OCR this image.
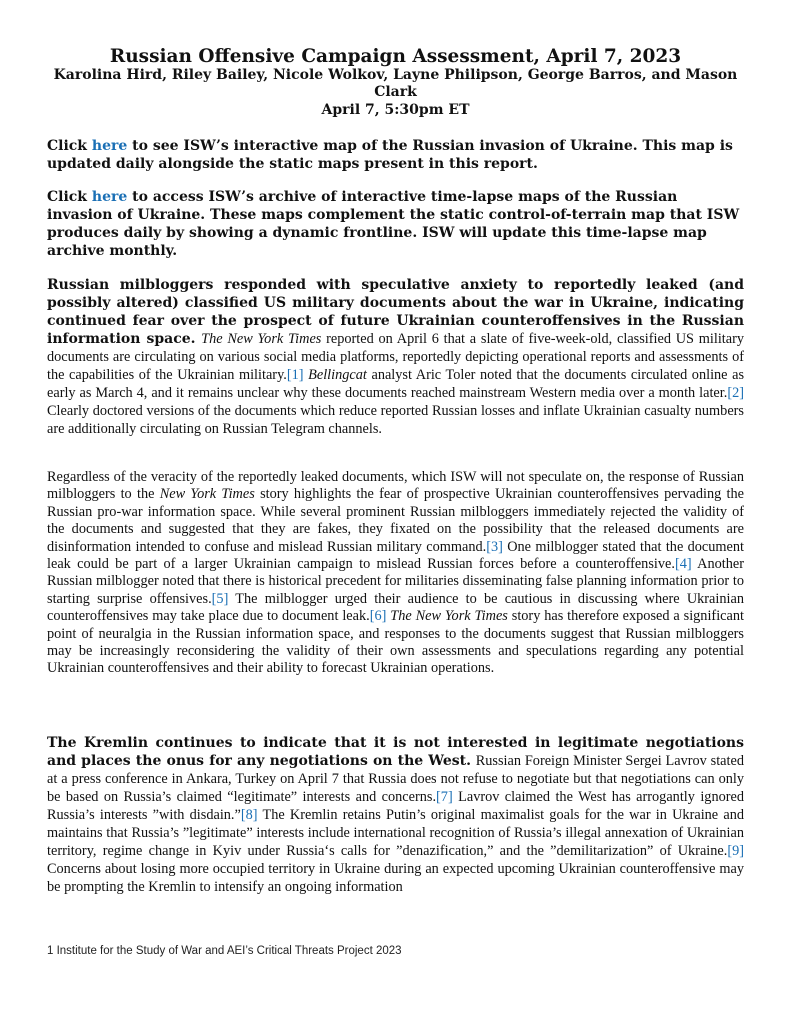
Russian Offensive Campaign Assessment, April 7, 2023
Karolina Hird, Riley Bailey, Nicole Wolkov, Layne Philipson, George Barros, and Mason Clark
April 7, 5:30pm ET

Click here to see ISW’s interactive map of the Russian invasion of Ukraine. This map is updated daily alongside the static maps present in this report.

Click here to access ISW’s archive of interactive time-lapse maps of the Russian invasion of Ukraine. These maps complement the static control-of-terrain map that ISW produces daily by showing a dynamic frontline. ISW will update this time-lapse map archive monthly.

Russian milbloggers responded with speculative anxiety to reportedly leaked (and possibly altered) classified US military documents about the war in Ukraine, indicating continued fear over the prospect of future Ukrainian counteroffensives in the Russian information space. The New York Times reported on April 6 that a slate of five-week-old, classified US military documents are circulating on various social media platforms, reportedly depicting operational reports and assessments of the capabilities of the Ukrainian military.[1] Bellingcat analyst Aric Toler noted that the documents circulated online as early as March 4, and it remains unclear why these documents reached mainstream Western media over a month later.[2] Clearly doctored versions of the documents which reduce reported Russian losses and inflate Ukrainian casualty numbers are additionally circulating on Russian Telegram channels.

Regardless of the veracity of the reportedly leaked documents, which ISW will not speculate on, the response of Russian milbloggers to the New York Times story highlights the fear of prospective Ukrainian counteroffensives pervading the Russian pro-war information space. While several prominent Russian milbloggers immediately rejected the validity of the documents and suggested that they are fakes, they fixated on the possibility that the released documents are disinformation intended to confuse and mislead Russian military command.[3] One milblogger stated that the document leak could be part of a larger Ukrainian campaign to mislead Russian forces before a counteroffensive.[4] Another Russian milblogger noted that there is historical precedent for militaries disseminating false planning information prior to starting surprise offensives.[5] The milblogger urged their audience to be cautious in discussing where Ukrainian counteroffensives may take place due to document leak.[6] The New York Times story has therefore exposed a significant point of neuralgia in the Russian information space, and responses to the documents suggest that Russian milbloggers may be increasingly reconsidering the validity of their own assessments and speculations regarding any potential Ukrainian counteroffensives and their ability to forecast Ukrainian operations.

The Kremlin continues to indicate that it is not interested in legitimate negotiations and places the onus for any negotiations on the West. Russian Foreign Minister Sergei Lavrov stated at a press conference in Ankara, Turkey on April 7 that Russia does not refuse to negotiate but that negotiations can only be based on Russia’s claimed “legitimate” interests and concerns.[7] Lavrov claimed the West has arrogantly ignored Russia’s interests ”with disdain.”[8] The Kremlin retains Putin’s original maximalist goals for the war in Ukraine and maintains that Russia’s ”legitimate” interests include international recognition of Russia’s illegal annexation of Ukrainian territory, regime change in Kyiv under Russia‘s calls for ”denazification,” and the ”demilitarization” of Ukraine.[9] Concerns about losing more occupied territory in Ukraine during an expected upcoming Ukrainian counteroffensive may be prompting the Kremlin to intensify an ongoing information

1 Institute for the Study of War and AEI’s Critical Threats Project 2023
